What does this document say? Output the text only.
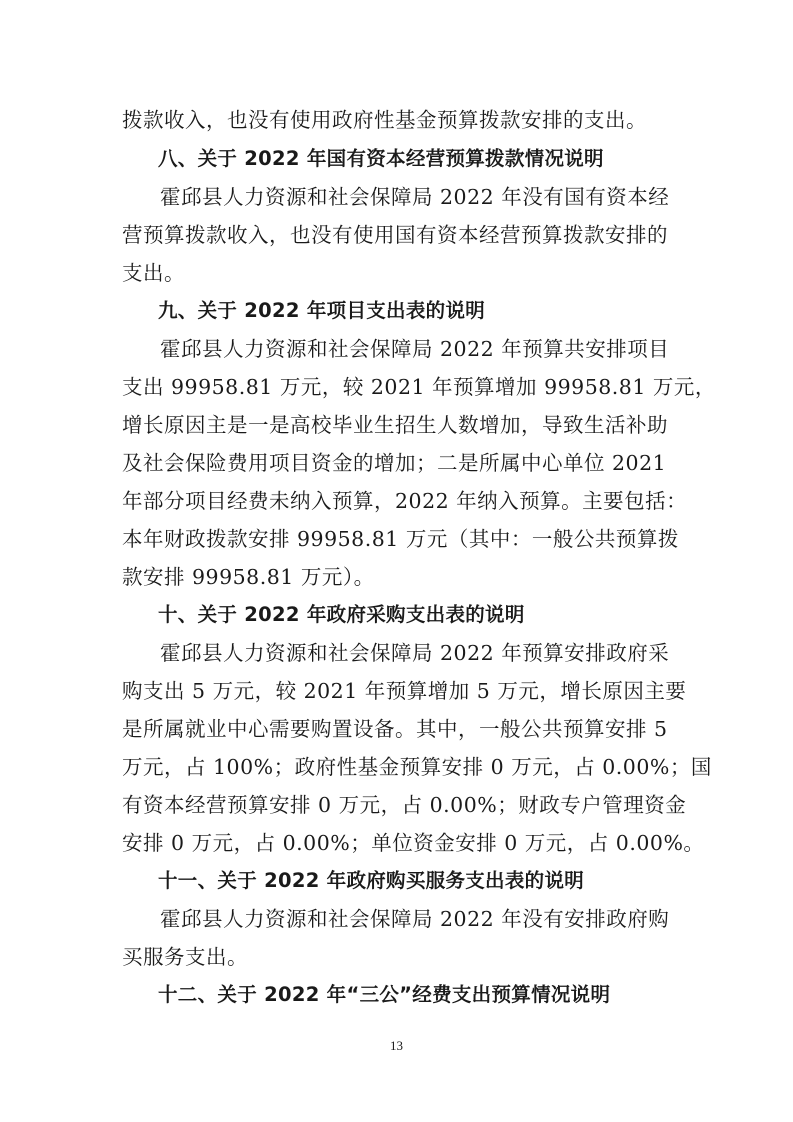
拨款收入，也没有使用政府性基金预算拨款安排的支出。
八、关于 2022 年国有资本经营预算拨款情况说明
霍邱县人力资源和社会保障局 2022 年没有国有资本经
营预算拨款收入，也没有使用国有资本经营预算拨款安排的
支出。
九、关于 2022 年项目支出表的说明
霍邱县人力资源和社会保障局 2022 年预算共安排项目
支出 99958.81 万元，较 2021 年预算增加 99958.81 万元，
增长原因主是一是高校毕业生招生人数增加，导致生活补助
及社会保险费用项目资金的增加；二是所属中心单位 2021
年部分项目经费未纳入预算，2022 年纳入预算。主要包括：
本年财政拨款安排 99958.81 万元（其中：一般公共预算拨
款安排 99958.81 万元）。
十、关于 2022 年政府采购支出表的说明
霍邱县人力资源和社会保障局 2022 年预算安排政府采
购支出 5 万元，较 2021 年预算增加 5 万元，增长原因主要
是所属就业中心需要购置设备。其中，一般公共预算安排 5
万元，占 100%；政府性基金预算安排 0 万元，占 0.00%；国
有资本经营预算安排 0 万元，占 0.00%；财政专户管理资金
安排 0 万元，占 0.00%；单位资金安排 0 万元，占 0.00%。
十一、关于 2022 年政府购买服务支出表的说明
霍邱县人力资源和社会保障局 2022 年没有安排政府购
买服务支出。
十二、关于 2022 年“三公”经费支出预算情况说明
13
